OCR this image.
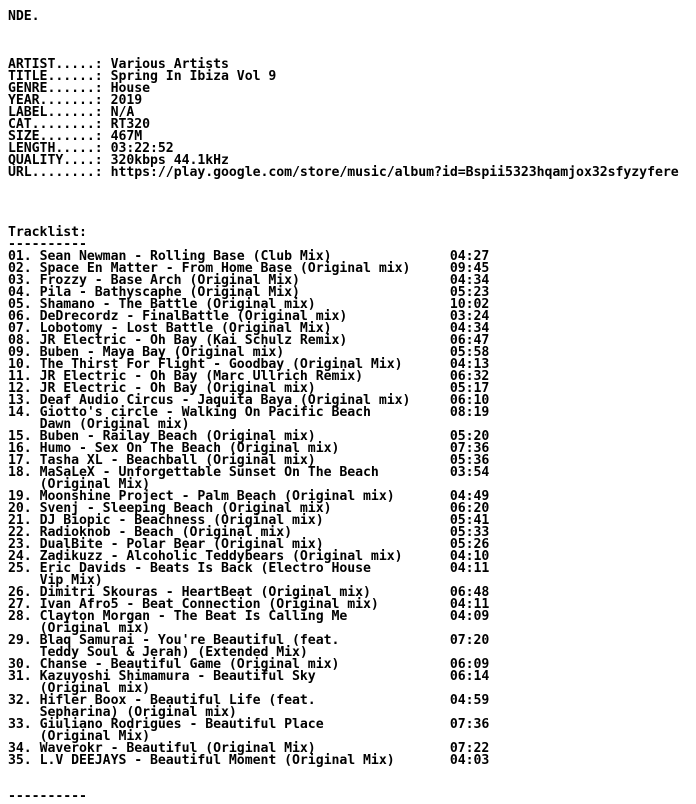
NDE.
ARTIST.....: Various Artists
TITLE......: Spring In Ibiza Vol 9
GENRE......: House
YEAR.......: 2019
LABEL......: N/A
CAT........: RT320
SIZE.......: 467M
LENGTH.....: 03:22:52
QUALITY....: 320kbps 44.1kHz
URL........: https://play.google.com/store/music/album?id=Bspii5323hqamjox32sfyzyfere
Tracklist:
----------
01. Sean Newman - Rolling Base (Club Mix)	04:27
02. Space En Matter - From Home Base (Original mix)	09:45
03. Frozzy - Base Arch (Original Mix)	04:34
04. Pila - Bathyscaphe (Original Mix)	05:23
05. Shamano - The Battle (Original mix)	10:02
06. DeDrecordz - FinalBattle (Original mix)	03:24
07. Lobotomy - Lost Battle (Original Mix)	04:34
08. JR Electric - Oh Bay (Kai Schulz Remix)	06:47
09. Buben - Maya Bay (Original mix)	05:58
10. The Thirst For Flight - Goodbay (Original Mix)	04:13
11. JR Electric - Oh Bay (Marc Ullrich Remix)	06:32
12. JR Electric - Oh Bay (Original mix)	05:17
13. Deaf Audio Circus - Jaquita Baya (Original mix)	06:10
14. Giotto's circle - Walking On Pacific Beach	08:19
Dawn (Original mix)
15. Buben - Railay Beach (Original mix)	05:20
16. Humo - Sex On The Beach (Original mix)	07:36
17. Tasha XL - Beachball (Original mix)	05:36
18. MaSaLeX - Unforgettable Sunset On The Beach	03:54
(Original Mix)
19. Moonshine Project - Palm Beach (Original mix)	04:49
20. Svenj - Sleeping Beach (Original mix)	06:20
21. DJ Biopic - Beachness (Original mix)	05:41
22. Radioknob - Beach (Original mix)	05:33
23. DualBite - Polar Bear (Original mix)	05:26
24. Zadikuzz - Alcoholic Teddybears (Original mix)	04:10
25. Eric Davids - Beats Is Back (Electro House	04:11
Vip Mix)
26. Dimitri Skouras - HeartBeat (Original mix)	06:48
27. Ivan Afro5 - Beat Connection (Original mix)	04:11
28. Clayton Morgan - The Beat Is Calling Me	04:09
(Original mix)
29. Blaq Samurai - You're Beautiful (feat.	07:20
Teddy Soul & Jerah) (Extended Mix)
30. Chanse - Beautiful Game (Original mix)	06:09
31. Kazuyoshi Shimamura - Beautiful Sky	06:14
(Original mix)
32. Hifler Boox - Beautiful Life (feat.	04:59
Sepharina) (Original mix)
33. Giuliano Rodrigues - Beautiful Place	07:36
(Original Mix)
34. Waverokr - Beautiful (Original Mix)	07:22
35. L.V DEEJAYS - Beautiful Moment (Original Mix)	04:03
----------
